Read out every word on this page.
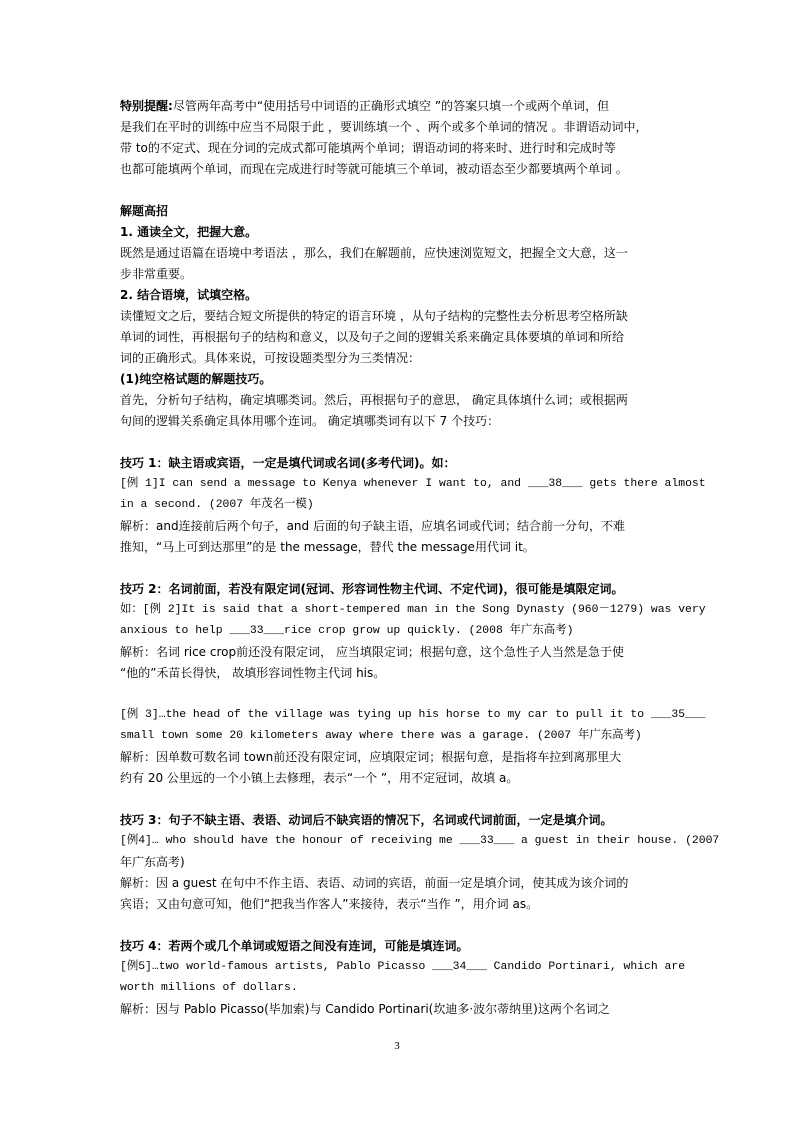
特别提醒:尽管两年高考中“使用括号中词语的正确形式填空 ”的答案只填一个或两个单词，但
是我们在平时的训练中应当不局限于此 ，要训练填一个 、两个或多个单词的情况 。非谓语动词中，
带 to的不定式、现在分词的完成式都可能填两个单词；谓语动词的将来时、进行时和完成时等
也都可能填两个单词，而现在完成进行时等就可能填三个单词，被动语态至少都要填两个单词 。
解题高招
1. 通读全文，把握大意。
既然是通过语篇在语境中考语法 ，那么，我们在解题前，应快速浏览短文，把握全文大意，这一
步非常重要。
2. 结合语境，试填空格。
读懂短文之后，要结合短文所提供的特定的语言环境 ，从句子结构的完整性去分析思考空格所缺
单词的词性，再根据句子的结构和意义，以及句子之间的逻辑关系来确定具体要填的单词和所给
词的正确形式。具体来说，可按设题类型分为三类情况：
(1)纯空格试题的解题技巧。
首先，分析句子结构，确定填哪类词。然后，再根据句子的意思， 确定具体填什么词；或根据两
句间的逻辑关系确定具体用哪个连词。 确定填哪类词有以下 7 个技巧：
技巧 1：缺主语或宾语，一定是填代词或名词(多考代词)。如：
[例 1]I can send a message to Kenya whenever I want to, and ___38___ gets there almost
in a second. (2007 年茂名一模)
解析：and连接前后两个句子，and 后面的句子缺主语，应填名词或代词；结合前一分句，不难
推知，“马上可到达那里”的是 the message，替代 the message用代词 it。
技巧 2：名词前面，若没有限定词(冠词、形容词性物主代词、不定代词)，很可能是填限定词。
如：[例 2]It is said that a short-tempered man in the Song Dynasty (960－1279) was very
anxious to help ___33___rice crop grow up quickly. (2008 年广东高考)
解析：名词 rice crop前还没有限定词， 应当填限定词；根据句意，这个急性子人当然是急于使
“他的”禾苗长得快， 故填形容词性物主代词 his。
[例 3]…the head of the village was tying up his horse to my car to pull it to ___35___
small town some 20 kilometers away where there was a garage. (2007 年广东高考)
解析：因单数可数名词 town前还没有限定词，应填限定词；根据句意，是指将车拉到离那里大
约有 20 公里远的一个小镇上去修理，表示“一个 ”，用不定冠词，故填 a。
技巧 3：句子不缺主语、表语、动词后不缺宾语的情况下，名词或代词前面，一定是填介词。
[例4]… who should have the honour of receiving me ___33___ a guest in their house. (2007
年广东高考)
解析：因 a guest 在句中不作主语、表语、动词的宾语，前面一定是填介词，使其成为该介词的
宾语；又由句意可知，他们“把我当作客人”来接待，表示“当作 ”，用介词 as。
技巧 4：若两个或几个单词或短语之间没有连词，可能是填连词。
[例5]…two world-famous artists, Pablo Picasso ___34___ Candido Portinari, which are
worth millions of dollars.
解析：因与 Pablo Picasso(毕加索)与 Candido Portinari(坎迪多·波尔蒂纳里)这两个名词之
3
